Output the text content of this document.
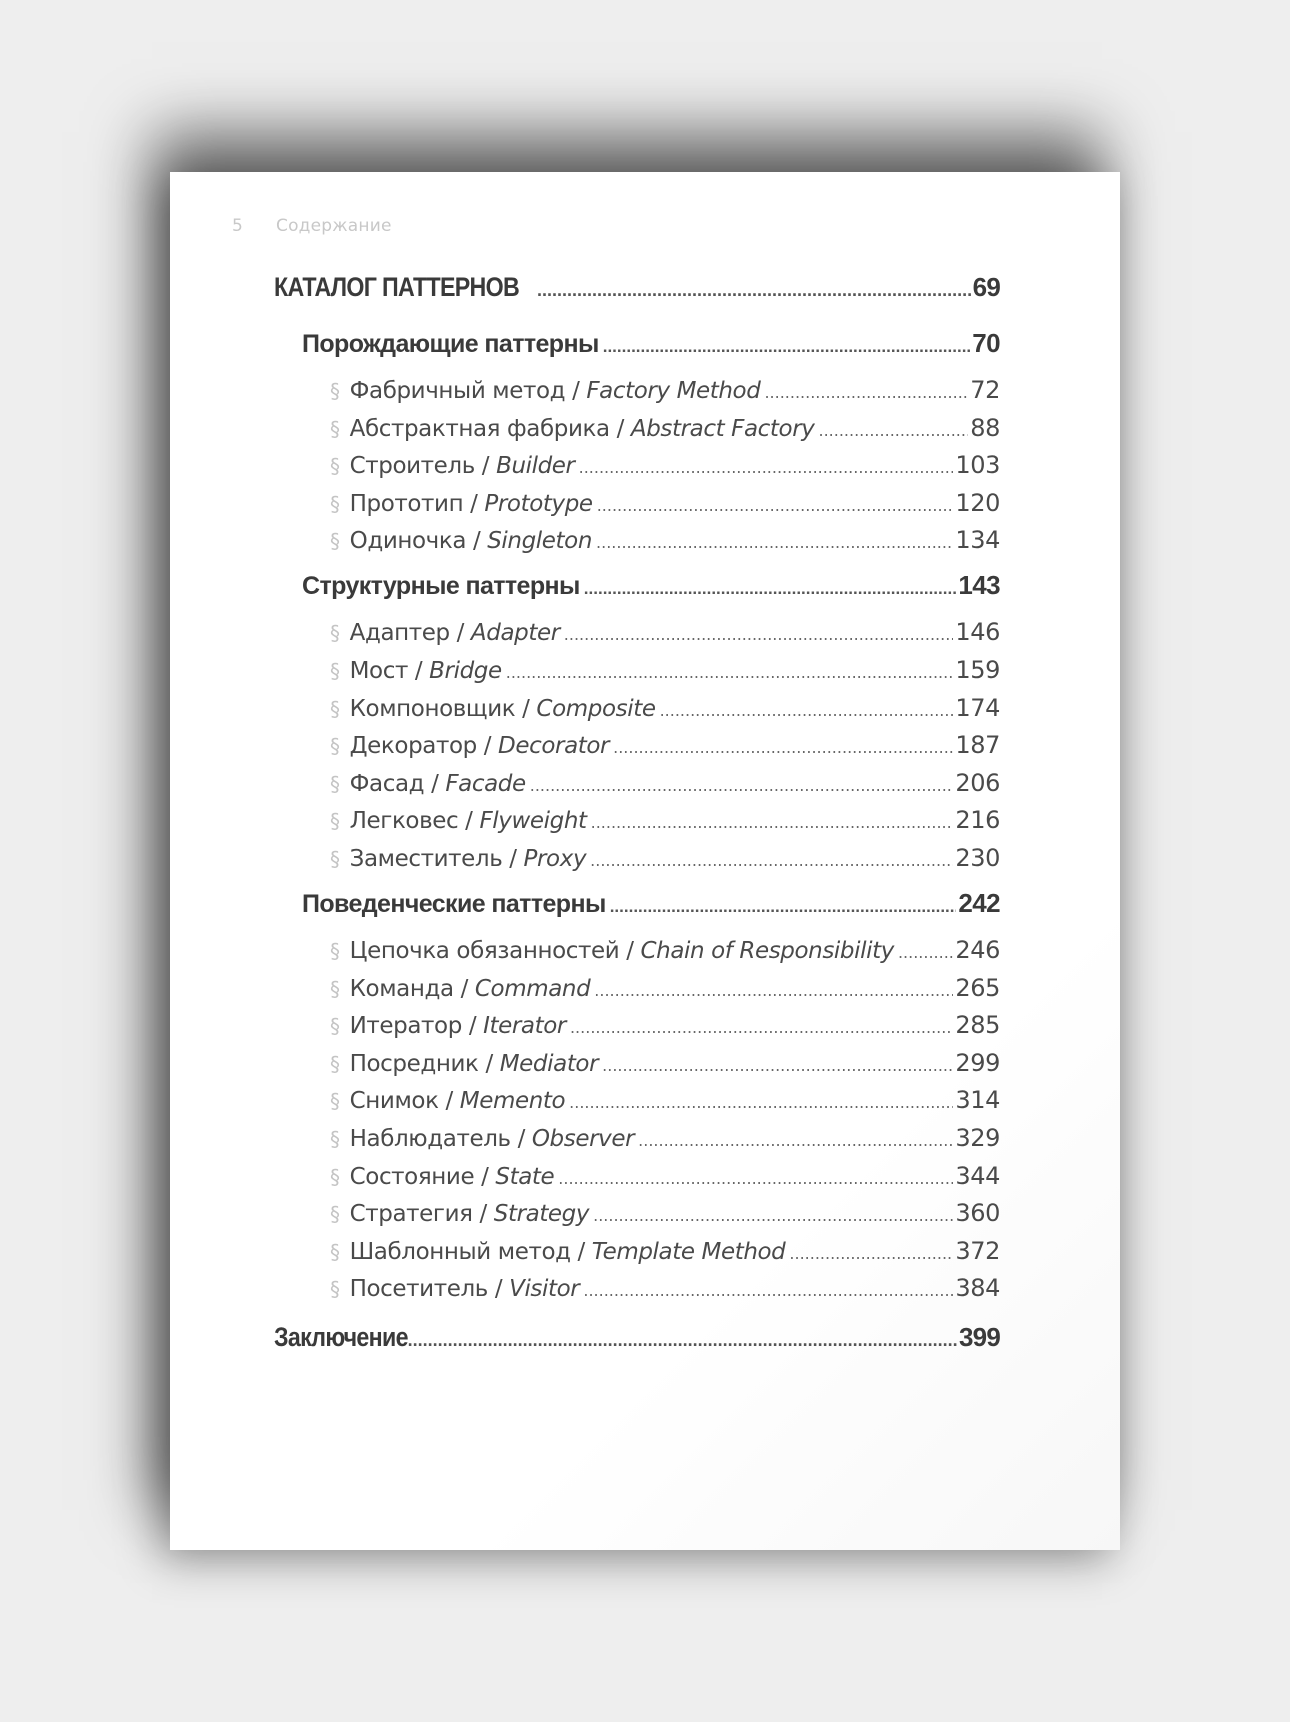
5 Содержание
КАТАЛОГ ПАТТЕРНОВ .....	69
Порождающие паттерны .....	70
§ Фабричный метод / Factory Method .....	72
§ Абстрактная фабрика / Abstract Factory .....	88
§ Строитель / Builder .....	103
§ Прототип / Prototype .....	120
§ Одиночка / Singleton .....	134
Структурные паттерны .....	143
§ Адаптер / Adapter .....	146
§ Мост / Bridge .....	159
§ Компоновщик / Composite .....	174
§ Декоратор / Decorator .....	187
§ Фасад / Facade .....	206
§ Легковес / Flyweight .....	216
§ Заместитель / Proxy .....	230
Поведенческие паттерны .....	242
§ Цепочка обязанностей / Chain of Responsibility .....	246
§ Команда / Command .....	265
§ Итератор / Iterator .....	285
§ Посредник / Mediator .....	299
§ Снимок / Memento .....	314
§ Наблюдатель / Observer .....	329
§ Состояние / State .....	344
§ Стратегия / Strategy .....	360
§ Шаблонный метод / Template Method .....	372
§ Посетитель / Visitor .....	384
Заключение .....	399
